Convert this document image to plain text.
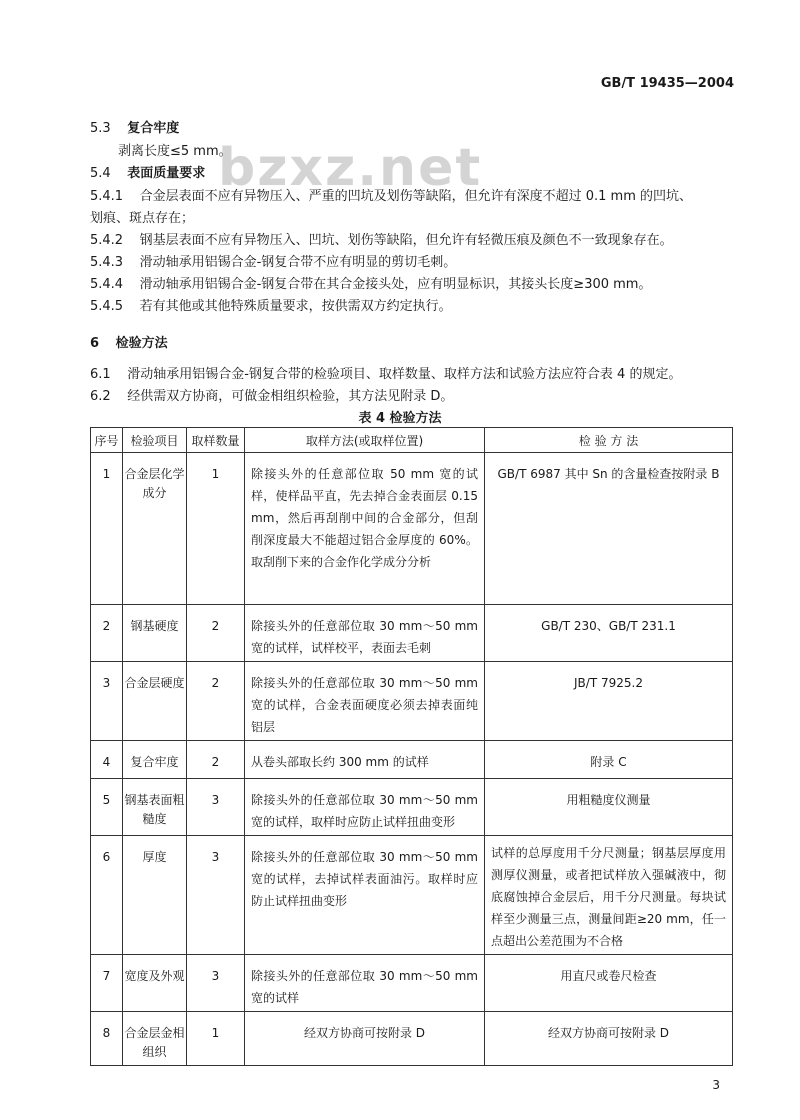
GB/T 19435—2004
bzxz.net
5.3 复合牢度
剥离长度≤5 mm。
5.4 表面质量要求
5.4.1 合金层表面不应有异物压入、严重的凹坑及划伤等缺陷，但允许有深度不超过 0.1 mm 的凹坑、
划痕、斑点存在；
5.4.2 钢基层表面不应有异物压入、凹坑、划伤等缺陷，但允许有轻微压痕及颜色不一致现象存在。
5.4.3 滑动轴承用铝锡合金-钢复合带不应有明显的剪切毛刺。
5.4.4 滑动轴承用铝锡合金-钢复合带在其合金接头处，应有明显标识，其接头长度≥300 mm。
5.4.5 若有其他或其他特殊质量要求，按供需双方约定执行。
6 检验方法
6.1 滑动轴承用铝锡合金-钢复合带的检验项目、取样数量、取样方法和试验方法应符合表 4 的规定。
6.2 经供需双方协商，可做金相组织检验，其方法见附录 D。
表 4 检验方法
序号	检验项目	取样数量	取样方法(或取样位置)	检 验 方 法
1	合金层化学成分	1	除接头外的任意部位取 50 mm 宽的试样，使样品平直，先去掉合金表面层 0.15 mm，然后再刮削中间的合金部分，但刮削深度最大不能超过铝合金厚度的 60%。取刮削下来的合金作化学成分分析	GB/T 6987 其中 Sn 的含量检查按附录 B
2	钢基硬度	2	除接头外的任意部位取 30 mm～50 mm 宽的试样，试样校平，表面去毛刺	GB/T 230、GB/T 231.1
3	合金层硬度	2	除接头外的任意部位取 30 mm～50 mm 宽的试样，合金表面硬度必须去掉表面纯铝层	JB/T 7925.2
4	复合牢度	2	从卷头部取长约 300 mm 的试样	附录 C
5	钢基表面粗糙度	3	除接头外的任意部位取 30 mm～50 mm 宽的试样，取样时应防止试样扭曲变形	用粗糙度仪测量
6	厚度	3	除接头外的任意部位取 30 mm～50 mm 宽的试样，去掉试样表面油污。取样时应防止试样扭曲变形	试样的总厚度用千分尺测量；钢基层厚度用测厚仪测量，或者把试样放入强碱液中，彻底腐蚀掉合金层后，用千分尺测量。每块试样至少测量三点，测量间距≥20 mm，任一点超出公差范围为不合格
7	宽度及外观	3	除接头外的任意部位取 30 mm～50 mm 宽的试样	用直尺或卷尺检查
8	合金层金相组织	1	经双方协商可按附录 D	经双方协商可按附录 D
3
